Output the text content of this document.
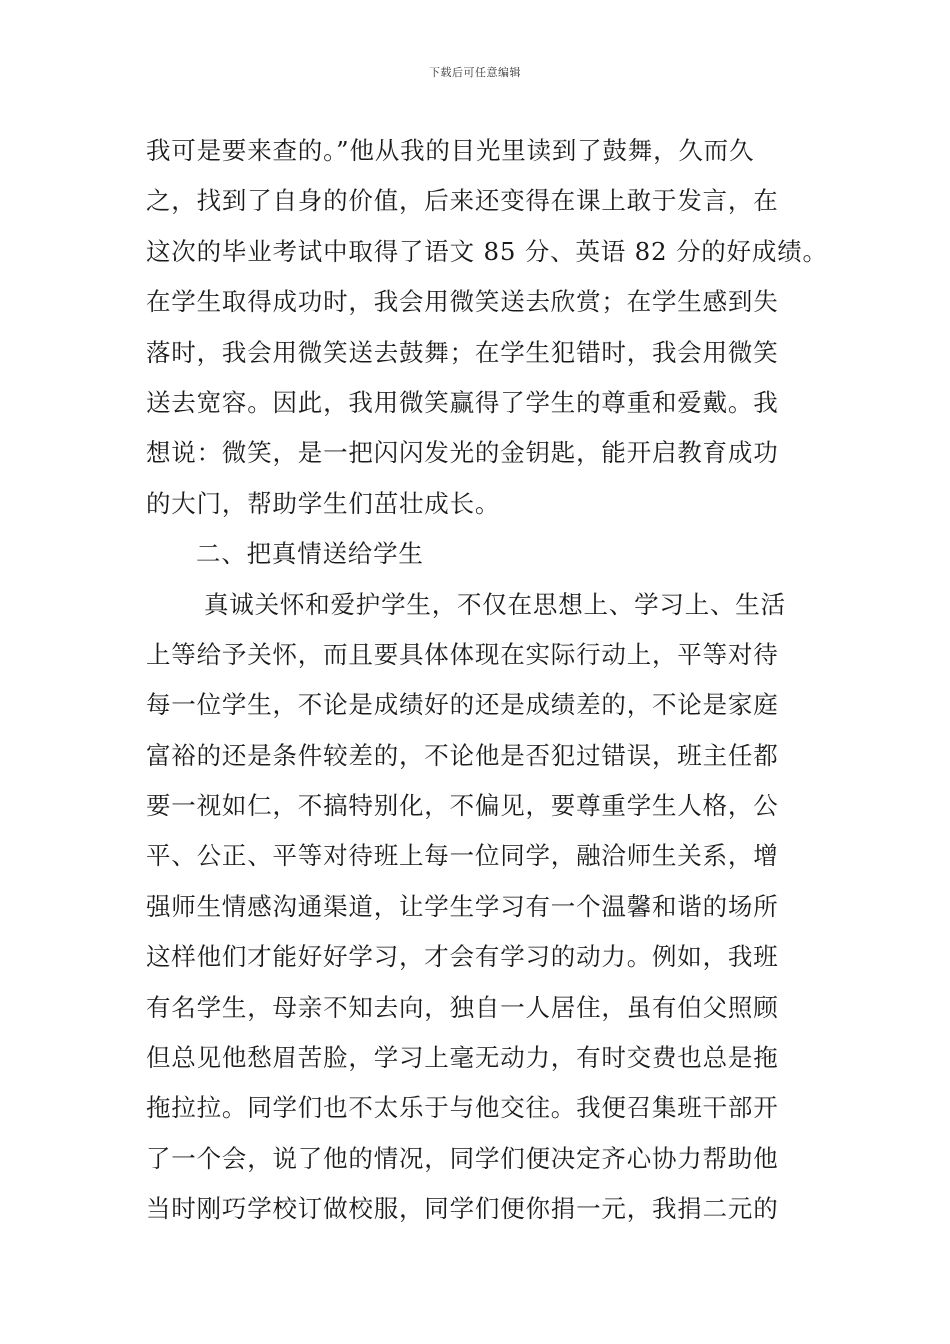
下载后可任意编辑
我可是要来查的。”他从我的目光里读到了鼓舞，久而久
之，找到了自身的价值，后来还变得在课上敢于发言，在
这次的毕业考试中取得了语文 85 分、英语 82 分的好成绩。
在学生取得成功时，我会用微笑送去欣赏；在学生感到失
落时，我会用微笑送去鼓舞；在学生犯错时，我会用微笑
送去宽容。因此，我用微笑赢得了学生的尊重和爱戴。我
想说：微笑，是一把闪闪发光的金钥匙，能开启教育成功
的大门，帮助学生们茁壮成长。
二、把真情送给学生
真诚关怀和爱护学生，不仅在思想上、学习上、生活
上等给予关怀，而且要具体体现在实际行动上，平等对待
每一位学生，不论是成绩好的还是成绩差的，不论是家庭
富裕的还是条件较差的，不论他是否犯过错误，班主任都
要一视如仁，不搞特别化，不偏见，要尊重学生人格，公
平、公正、平等对待班上每一位同学，融洽师生关系，增
强师生情感沟通渠道，让学生学习有一个温馨和谐的场所
这样他们才能好好学习，才会有学习的动力。例如，我班
有名学生，母亲不知去向，独自一人居住，虽有伯父照顾
但总见他愁眉苦脸，学习上毫无动力，有时交费也总是拖
拖拉拉。同学们也不太乐于与他交往。我便召集班干部开
了一个会，说了他的情况，同学们便决定齐心协力帮助他
当时刚巧学校订做校服，同学们便你捐一元，我捐二元的
